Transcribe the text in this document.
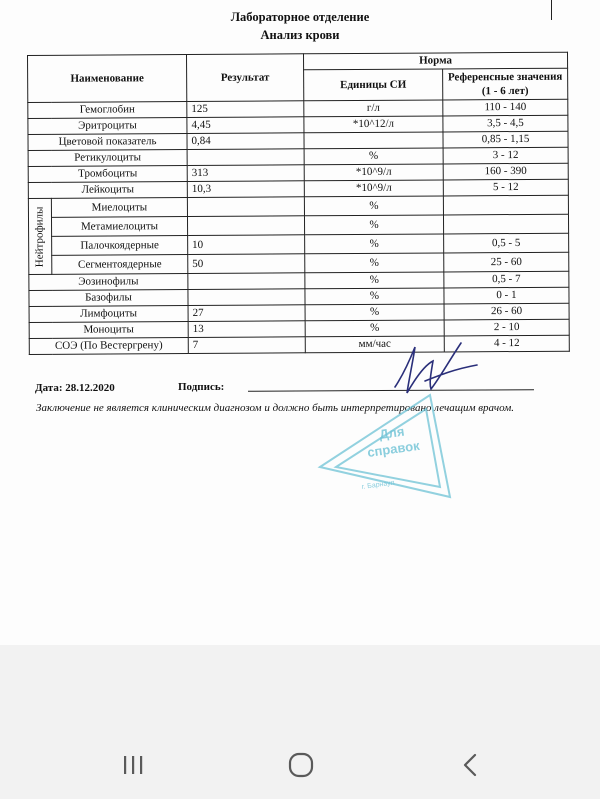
Лабораторное отделение
Анализ крови
Наименование		Результат	Норма	
			Единицы СИ	Референсные значения (1 - 6 лет)
Гемоглобин		125	г/л	110 - 140
Эритроциты		4,45	*10^12/л	3,5 - 4,5
Цветовой показатель		0,84		0,85 - 1,15
Ретикулоциты			%	3 - 12
Тромбоциты		313	*10^9/л	160 - 390
Лейкоциты		10,3	*10^9/л	5 - 12

Нейтрофилы	Миелоциты		%	
	Метамиелоциты		%	
	Палочкоядерные	10	%	0,5 - 5
	Сегментоядерные	50	%	25 - 60
Эозинофилы			%	0,5 - 7
Базофилы			%	0 - 1
Лимфоциты		27	%	26 - 60
Моноциты		13	%	2 - 10
СОЭ (По Вестергрену)		7	мм/час	4 - 12
Дата: 28.12.2020	Подпись:
Заключение не является клиническим диагнозом и должно быть интерпретировано лечащим врачом.
Для
справок
г. Барнаул
